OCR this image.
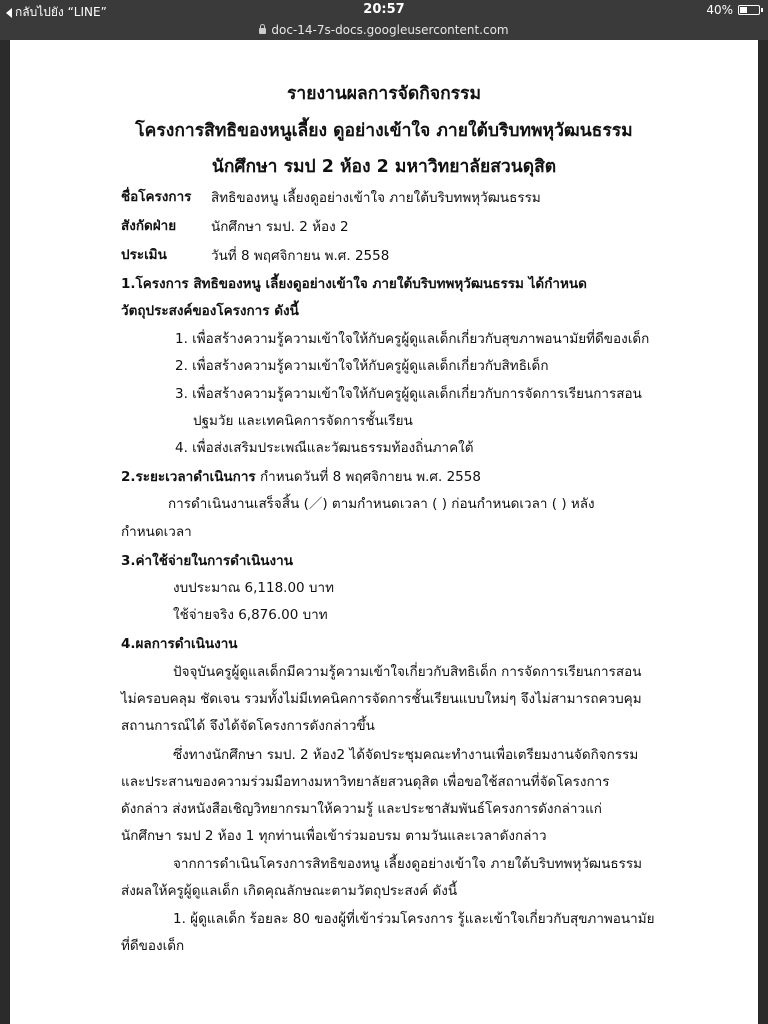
กลับไปยัง “LINE”	20:57	40%
doc-14-7s-docs.googleusercontent.com
รายงานผลการจัดกิจกรรม
โครงการสิทธิของหนูเลี้ยง ดูอย่างเข้าใจ ภายใต้บริบทพหุวัฒนธรรม
นักศึกษา รมป 2 ห้อง 2 มหาวิทยาลัยสวนดุสิต
ชื่อโครงการ สิทธิของหนู เลี้ยงดูอย่างเข้าใจ ภายใต้บริบทพหุวัฒนธรรม
สังกัดฝ่าย	นักศึกษา รมป. 2 ห้อง 2
ประเมิน	วันที่ 8 พฤศจิกายน พ.ศ. 2558
1.โครงการ สิทธิของหนู เลี้ยงดูอย่างเข้าใจ ภายใต้บริบทพหุวัฒนธรรม ได้กำหนด
วัตถุประสงค์ของโครงการ ดังนี้
1. เพื่อสร้างความรู้ความเข้าใจให้กับครูผู้ดูแลเด็กเกี่ยวกับสุขภาพอนามัยที่ดีของเด็ก
2. เพื่อสร้างความรู้ความเข้าใจให้กับครูผู้ดูแลเด็กเกี่ยวกับสิทธิเด็ก
3. เพื่อสร้างความรู้ความเข้าใจให้กับครูผู้ดูแลเด็กเกี่ยวกับการจัดการเรียนการสอน
ปฐมวัย และเทคนิคการจัดการชั้นเรียน
4. เพื่อส่งเสริมประเพณีและวัฒนธรรมท้องถิ่นภาคใต้
2.ระยะเวลาดำเนินการ กำหนดวันที่ 8 พฤศจิกายน พ.ศ. 2558
การดำเนินงานเสร็จสิ้น (／) ตามกำหนดเวลา ( ) ก่อนกำหนดเวลา ( ) หลัง
กำหนดเวลา
3.ค่าใช้จ่ายในการดำเนินงาน
งบประมาณ 6,118.00 บาท
ใช้จ่ายจริง 6,876.00 บาท
4.ผลการดำเนินงาน
ปัจจุบันครูผู้ดูแลเด็กมีความรู้ความเข้าใจเกี่ยวกับสิทธิเด็ก การจัดการเรียนการสอน
ไม่ครอบคลุม ชัดเจน รวมทั้งไม่มีเทคนิคการจัดการชั้นเรียนแบบใหม่ๆ จึงไม่สามารถควบคุม
สถานการณ์ได้ จึงได้จัดโครงการดังกล่าวขึ้น
ซึ่งทางนักศึกษา รมป. 2 ห้อง2 ได้จัดประชุมคณะทำงานเพื่อเตรียมงานจัดกิจกรรม
และประสานของความร่วมมือทางมหาวิทยาลัยสวนดุสิต เพื่อขอใช้สถานที่จัดโครงการ
ดังกล่าว ส่งหนังสือเชิญวิทยากรมาให้ความรู้ และประชาสัมพันธ์โครงการดังกล่าวแก่
นักศึกษา รมป 2 ห้อง 1 ทุกท่านเพื่อเข้าร่วมอบรม ตามวันและเวลาดังกล่าว
จากการดำเนินโครงการสิทธิของหนู เลี้ยงดูอย่างเข้าใจ ภายใต้บริบทพหุวัฒนธรรม
ส่งผลให้ครูผู้ดูแลเด็ก เกิดคุณลักษณะตามวัตถุประสงค์ ดังนี้
1. ผู้ดูแลเด็ก ร้อยละ 80 ของผู้ที่เข้าร่วมโครงการ รู้และเข้าใจเกี่ยวกับสุขภาพอนามัย
ที่ดีของเด็ก
